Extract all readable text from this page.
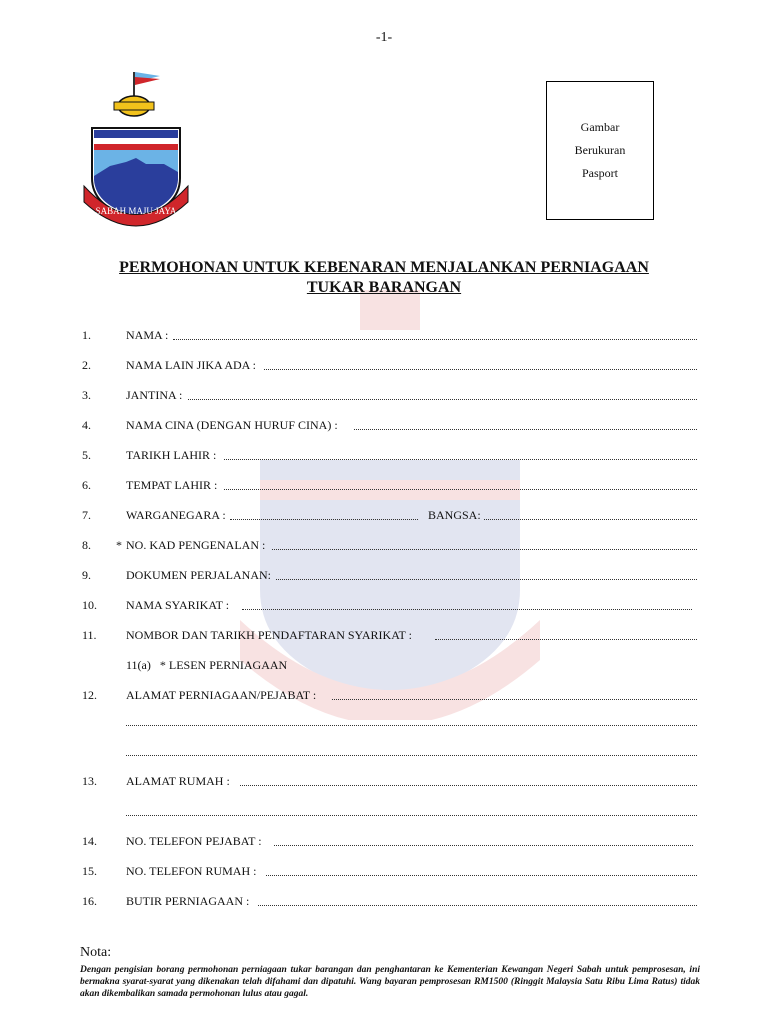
-1-
SABAH MAJU JAYA
Gambar
Berukuran
Pasport
PERMOHONAN UNTUK KEBENARAN MENJALANKAN PERNIAGAAN
TUKAR BARANGAN
1.	NAMA :
2.	NAMA LAIN JIKA ADA :
3.	JANTINA :
4.	NAMA CINA (DENGAN HURUF CINA) :
5.	TARIKH LAHIR :
6.	TEMPAT LAHIR :
7.	WARGANEGARA :	BANGSA:
8. * NO. KAD PENGENALAN :
9.	DOKUMEN PERJALANAN:
10. NAMA SYARIKAT :
11. NOMBOR DAN TARIKH PENDAFTARAN SYARIKAT :
11(a)   * LESEN PERNIAGAAN
12. ALAMAT PERNIAGAAN/PEJABAT :
13. ALAMAT RUMAH :
14. NO. TELEFON PEJABAT :
15. NO. TELEFON RUMAH :
16. BUTIR PERNIAGAAN :
Nota:
Dengan pengisian borang permohonan perniagaan tukar barangan dan penghantaran ke Kementerian Kewangan Negeri Sabah untuk pemprosesan, ini bermakna syarat-syarat yang dikenakan telah difahami dan dipatuhi. Wang bayaran pemprosesan RM1500 (Ringgit Malaysia Satu Ribu Lima Ratus) tidak akan dikembalikan samada permohonan lulus atau gagal.
